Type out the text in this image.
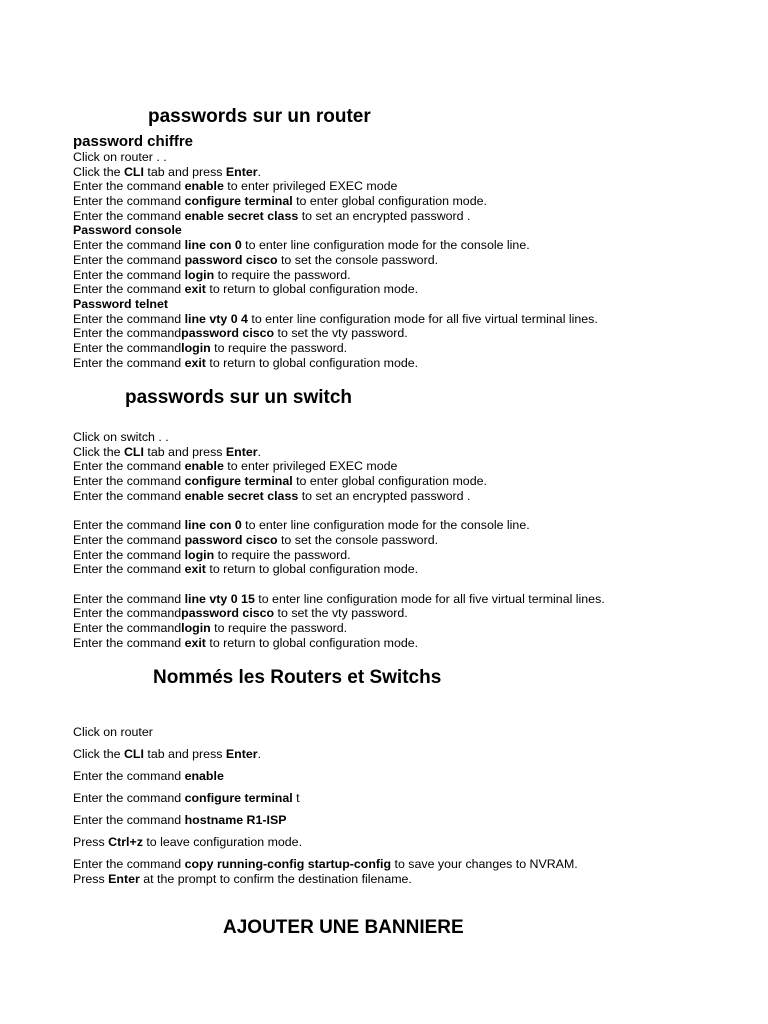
passwords sur un router
password chiffre
Click on router . .
Click the CLI tab and press Enter.
Enter the command enable to enter privileged EXEC mode
Enter the command configure terminal to enter global configuration mode.
Enter the command enable secret class to set an encrypted password .
Password console
Enter the command line con 0 to enter line configuration mode for the console line.
Enter the command password cisco to set the console password.
Enter the command login to require the password.
Enter the command exit to return to global configuration mode.
Password telnet
Enter the command line vty 0 4 to enter line configuration mode for all five virtual terminal lines.
Enter the commandpassword cisco to set the vty password.
Enter the commandlogin to require the password.
Enter the command exit to return to global configuration mode.
passwords sur un switch
Click on switch . .
Click the CLI tab and press Enter.
Enter the command enable to enter privileged EXEC mode
Enter the command configure terminal to enter global configuration mode.
Enter the command enable secret class to set an encrypted password .
Enter the command line con 0 to enter line configuration mode for the console line.
Enter the command password cisco to set the console password.
Enter the command login to require the password.
Enter the command exit to return to global configuration mode.
Enter the command line vty 0 15 to enter line configuration mode for all five virtual terminal lines.
Enter the commandpassword cisco to set the vty password.
Enter the commandlogin to require the password.
Enter the command exit to return to global configuration mode.
Nommés les Routers et Switchs
Click on router
Click the CLI tab and press Enter.
Enter the command enable
Enter the command configure terminal t
Enter the command hostname R1-ISP
Press Ctrl+z to leave configuration mode.
Enter the command copy running-config startup-config to save your changes to NVRAM.
Press Enter at the prompt to confirm the destination filename.
AJOUTER UNE BANNIERE
